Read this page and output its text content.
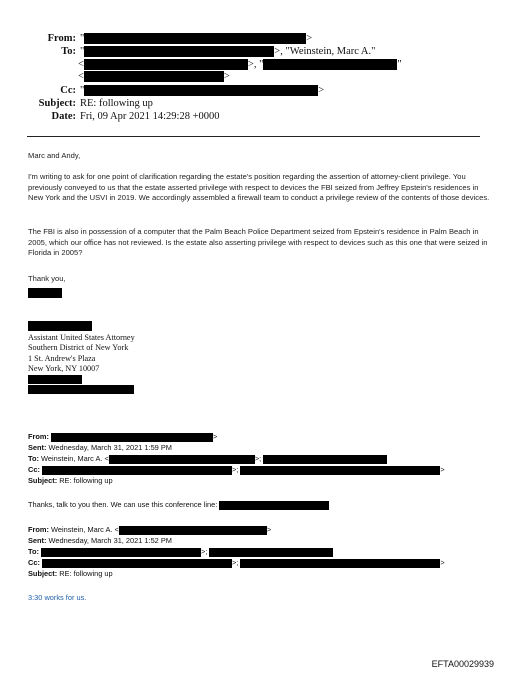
From: "	>
To: "	>, "Weinstein, Marc A."
<	>, "	"
<	>
Cc: "	>
Subject: RE: following up
Date: Fri, 09 Apr 2021 14:29:28 +0000
Marc and Andy,
I'm writing to ask for one point of clarification regarding the estate's position regarding the assertion of attorney-client privilege. You previously conveyed to us that the estate asserted privilege with respect to devices the FBI seized from Jeffrey Epstein's residences in New York and the USVI in 2019. We accordingly assembled a firewall team to conduct a privilege review of the contents of those devices.
The FBI is also in possession of a computer that the Palm Beach Police Department seized from Epstein's residence in Palm Beach in 2005, which our office has not reviewed. Is the estate also asserting privilege with respect to devices such as this one that were seized in Florida in 2005?
Thank you,
Assistant United States Attorney
Southern District of New York
1 St. Andrew's Plaza
New York, NY 10007
From:	>
Sent: Wednesday, March 31, 2021 1:59 PM
To: Weinstein, Marc A. <	>;
Cc:	>;	>
Subject: RE: following up
Thanks, talk to you then. We can use this conference line:
From: Weinstein, Marc A. <	>
Sent: Wednesday, March 31, 2021 1:52 PM
To:	>;
Cc:	>;	>
Subject: RE: following up
3:30 works for us.
EFTA00029939
